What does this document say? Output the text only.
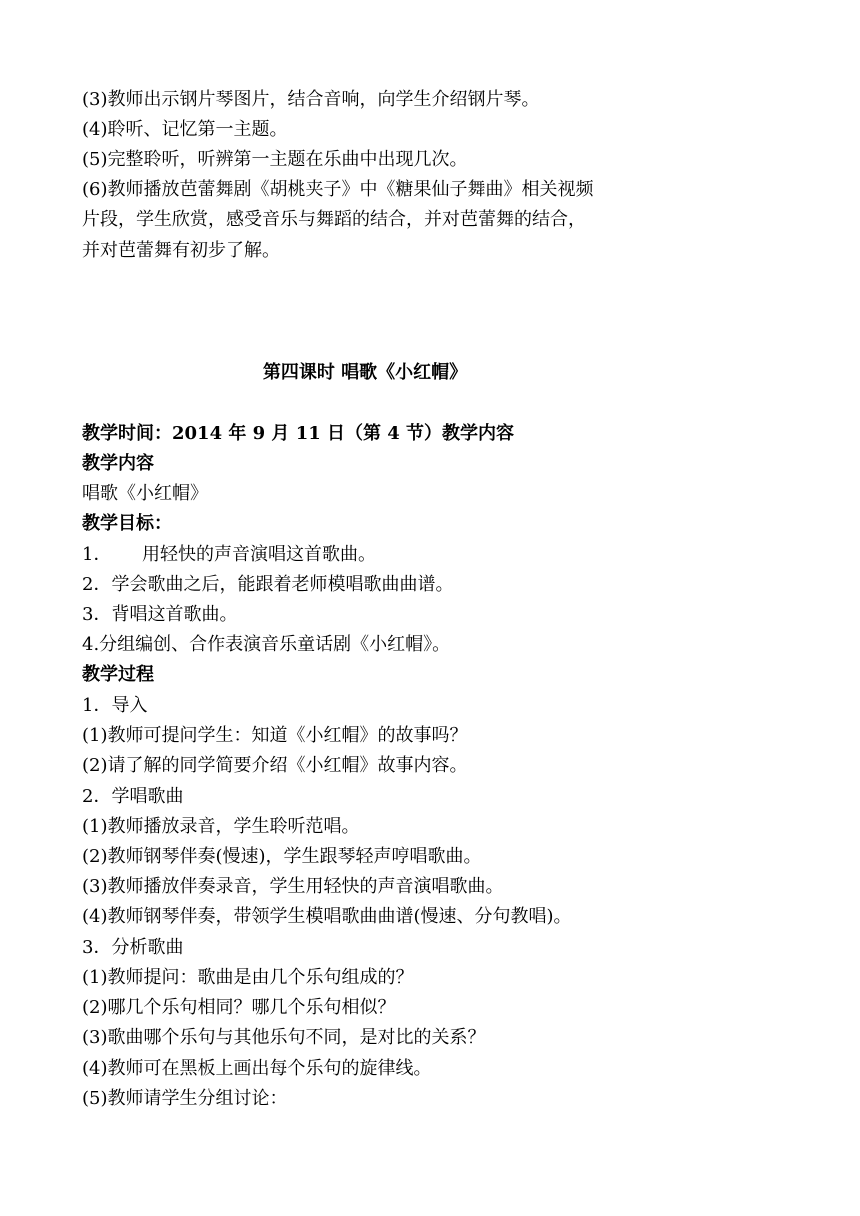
(3)教师出示钢片琴图片，结合音响，向学生介绍钢片琴。
(4)聆听、记忆第一主题。
(5)完整聆听，听辨第一主题在乐曲中出现几次。
(6)教师播放芭蕾舞剧《胡桃夹子》中《糖果仙子舞曲》相关视频
片段，学生欣赏，感受音乐与舞蹈的结合，并对芭蕾舞的结合，
并对芭蕾舞有初步了解。
第四课时 唱歌《小红帽》
教学时间：2014 年 9 月 11 日（第 4 节）教学内容
教学内容
唱歌《小红帽》
教学目标：
1． 用轻快的声音演唱这首歌曲。
2．学会歌曲之后，能跟着老师模唱歌曲曲谱。
3．背唱这首歌曲。
4.分组编创、合作表演音乐童话剧《小红帽》。
教学过程
1．导入
(1)教师可提问学生：知道《小红帽》的故事吗？
(2)请了解的同学简要介绍《小红帽》故事内容。
2．学唱歌曲
(1)教师播放录音，学生聆听范唱。
(2)教师钢琴伴奏(慢速)，学生跟琴轻声哼唱歌曲。
(3)教师播放伴奏录音，学生用轻快的声音演唱歌曲。
(4)教师钢琴伴奏，带领学生模唱歌曲曲谱(慢速、分句教唱)。
3．分析歌曲
(1)教师提问：歌曲是由几个乐句组成的？
(2)哪几个乐句相同？哪几个乐句相似？
(3)歌曲哪个乐句与其他乐句不同，是对比的关系？
(4)教师可在黑板上画出每个乐句的旋律线。
(5)教师请学生分组讨论：
